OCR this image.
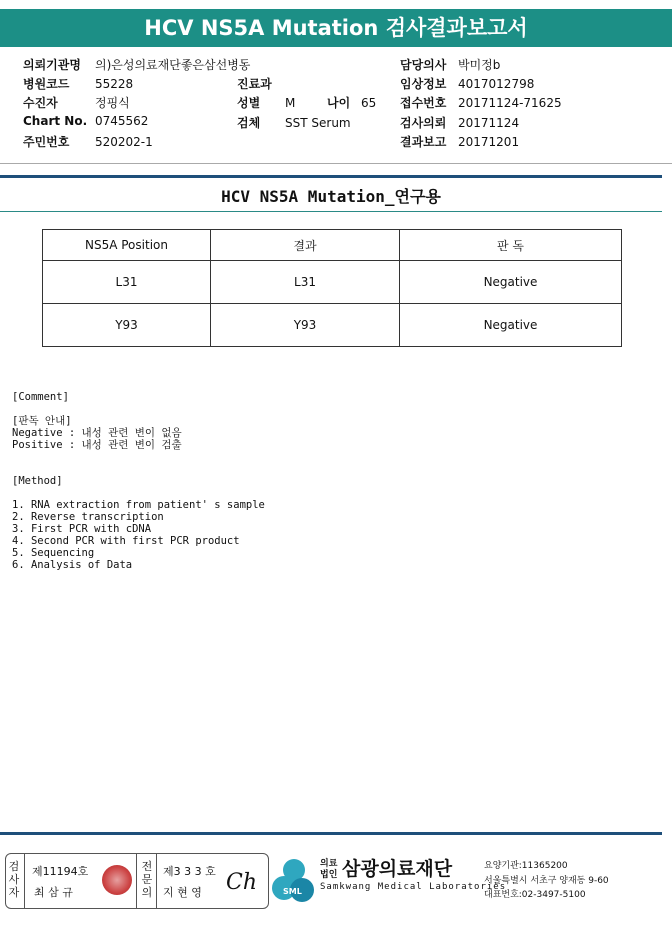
HCV NS5A Mutation 검사결과보고서
의뢰기관명 의)은성의료재단좋은삼선병동
병원코드 55228
수진자	정핑식
Chart No. 0745562
주민번호 520202-1
진료과
성별 M	나이 65
검체 SST Serum
담당의사 박미정b
임상정보 4017012798
접수번호 20171124-71625
검사의뢰 20171124
결과보고 20171201
HCV NS5A Mutation_연구용
NS5A Position	결과	판 독
L31	L31	Negative
Y93	Y93	Negative
[Comment]
[판독 안내]
Negative : 내성 관련 변이 없음
Positive : 내성 관련 변이 검출
[Method]
1. RNA extraction from patient' s sample
2. Reverse transcription
3. First PCR with cDNA
4. Second PCR with first PCR product
5. Sequencing
6. Analysis of Data
검사자
제11194호
최 삼 규
전문의
제3 3 3 호
지 현 영 Ch	SML
의료
법인 삼광의료재단
Samkwang Medical Laboratories
요양기관:11365200
서울특별시 서초구 양재동 9-60
대표번호:02-3497-5100
